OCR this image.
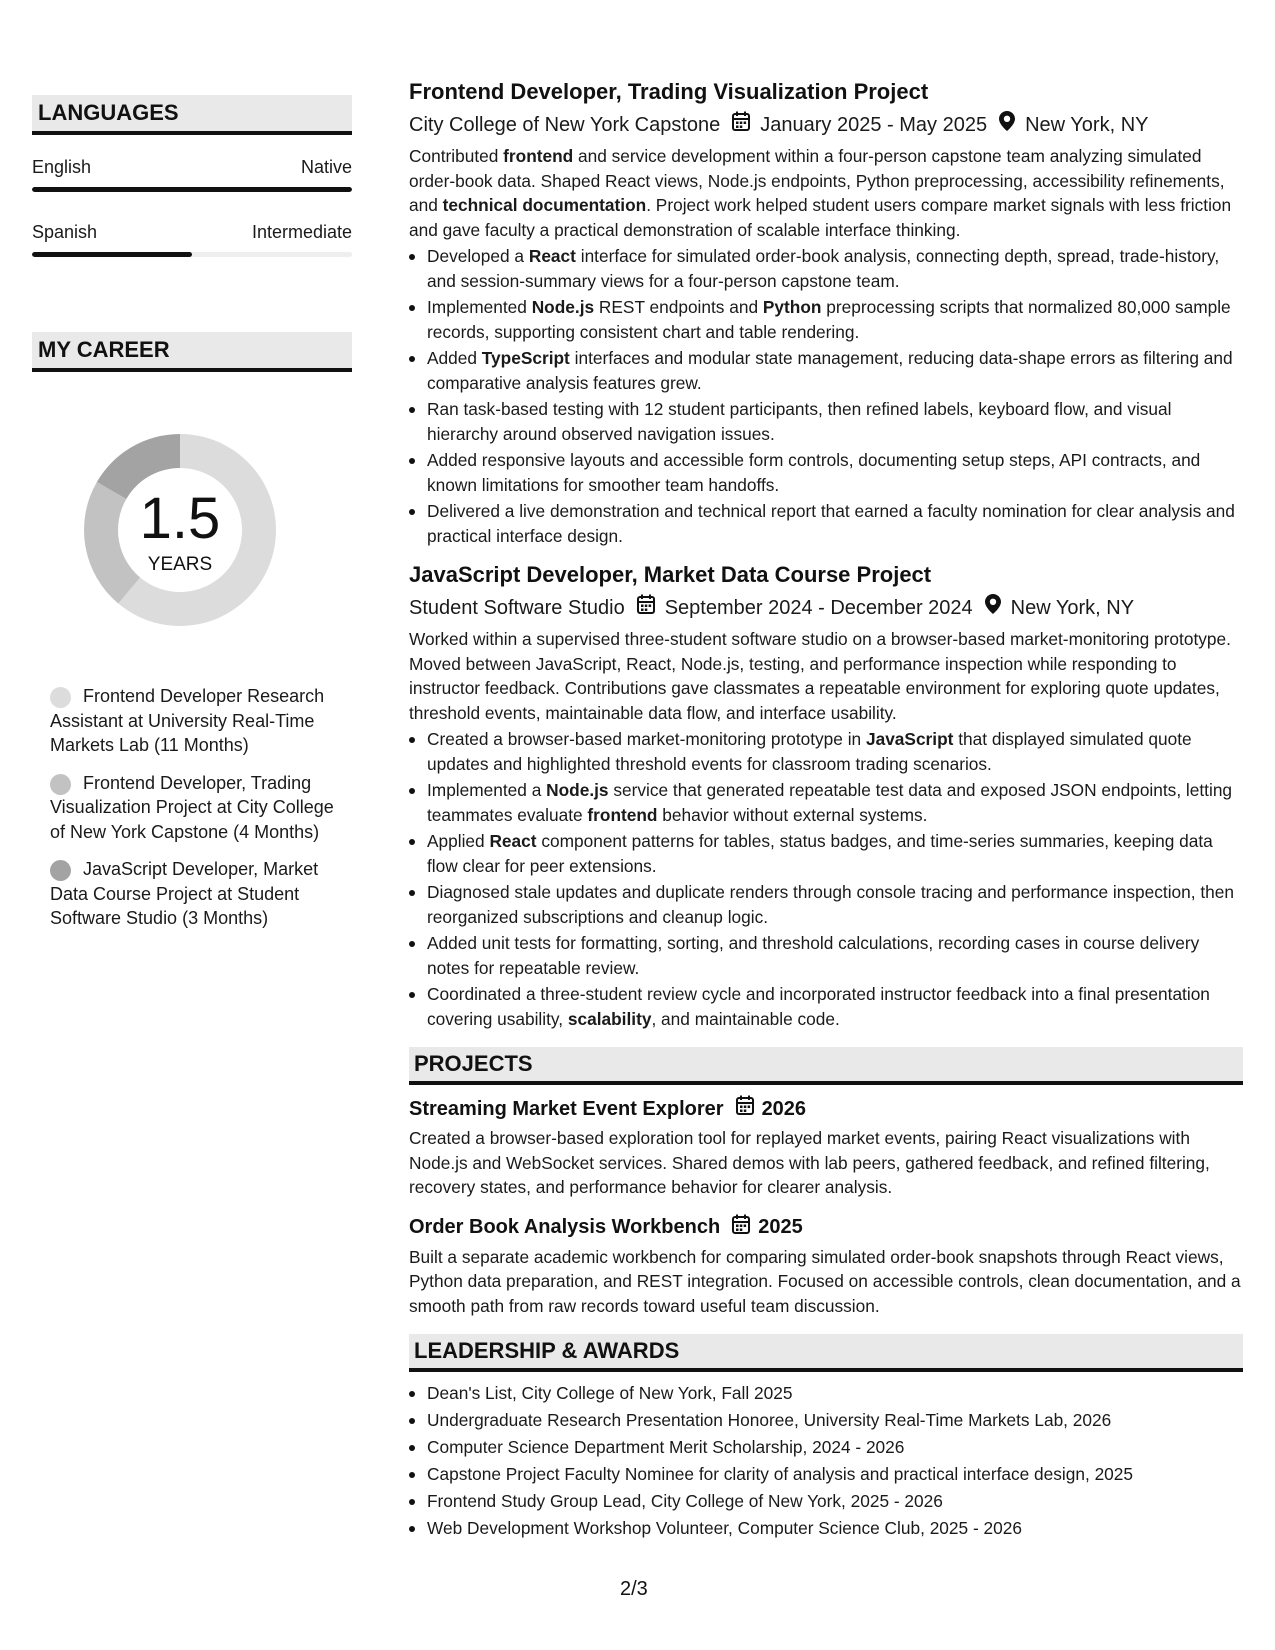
LANGUAGES
English	Native
Spanish	Intermediate
MY CAREER
1.5
YEARS
Frontend Developer Research Assistant at University Real-Time Markets Lab (11 Months)
Frontend Developer, Trading Visualization Project at City College of New York Capstone (4 Months)
JavaScript Developer, Market Data Course Project at Student Software Studio (3 Months)
Frontend Developer, Trading Visualization Project
City College of New York Capstone January 2025 - May 2025 New York, NY
Contributed frontend and service development within a four-person capstone team analyzing simulated order-book data. Shaped React views, Node.js endpoints, Python preprocessing, accessibility refinements, and technical documentation. Project work helped student users compare market signals with less friction and gave faculty a practical demonstration of scalable interface thinking.
Developed a React interface for simulated order-book analysis, connecting depth, spread, trade-history, and session-summary views for a four-person capstone team.
Implemented Node.js REST endpoints and Python preprocessing scripts that normalized 80,000 sample records, supporting consistent chart and table rendering.
Added TypeScript interfaces and modular state management, reducing data-shape errors as filtering and comparative analysis features grew.
Ran task-based testing with 12 student participants, then refined labels, keyboard flow, and visual hierarchy around observed navigation issues.
Added responsive layouts and accessible form controls, documenting setup steps, API contracts, and known limitations for smoother team handoffs.
Delivered a live demonstration and technical report that earned a faculty nomination for clear analysis and practical interface design.
JavaScript Developer, Market Data Course Project
Student Software Studio September 2024 - December 2024 New York, NY
Worked within a supervised three-student software studio on a browser-based market-monitoring prototype. Moved between JavaScript, React, Node.js, testing, and performance inspection while responding to instructor feedback. Contributions gave classmates a repeatable environment for exploring quote updates, threshold events, maintainable data flow, and interface usability.
Created a browser-based market-monitoring prototype in JavaScript that displayed simulated quote updates and highlighted threshold events for classroom trading scenarios.
Implemented a Node.js service that generated repeatable test data and exposed JSON endpoints, letting teammates evaluate frontend behavior without external systems.
Applied React component patterns for tables, status badges, and time-series summaries, keeping data flow clear for peer extensions.
Diagnosed stale updates and duplicate renders through console tracing and performance inspection, then reorganized subscriptions and cleanup logic.
Added unit tests for formatting, sorting, and threshold calculations, recording cases in course delivery notes for repeatable review.
Coordinated a three-student review cycle and incorporated instructor feedback into a final presentation covering usability, scalability, and maintainable code.
PROJECTS
Streaming Market Event Explorer 2026
Created a browser-based exploration tool for replayed market events, pairing React visualizations with Node.js and WebSocket services. Shared demos with lab peers, gathered feedback, and refined filtering, recovery states, and performance behavior for clearer analysis.
Order Book Analysis Workbench 2025
Built a separate academic workbench for comparing simulated order-book snapshots through React views, Python data preparation, and REST integration. Focused on accessible controls, clean documentation, and a smooth path from raw records toward useful team discussion.
LEADERSHIP & AWARDS
Dean's List, City College of New York, Fall 2025
Undergraduate Research Presentation Honoree, University Real-Time Markets Lab, 2026
Computer Science Department Merit Scholarship, 2024 - 2026
Capstone Project Faculty Nominee for clarity of analysis and practical interface design, 2025
Frontend Study Group Lead, City College of New York, 2025 - 2026
Web Development Workshop Volunteer, Computer Science Club, 2025 - 2026
2/3
